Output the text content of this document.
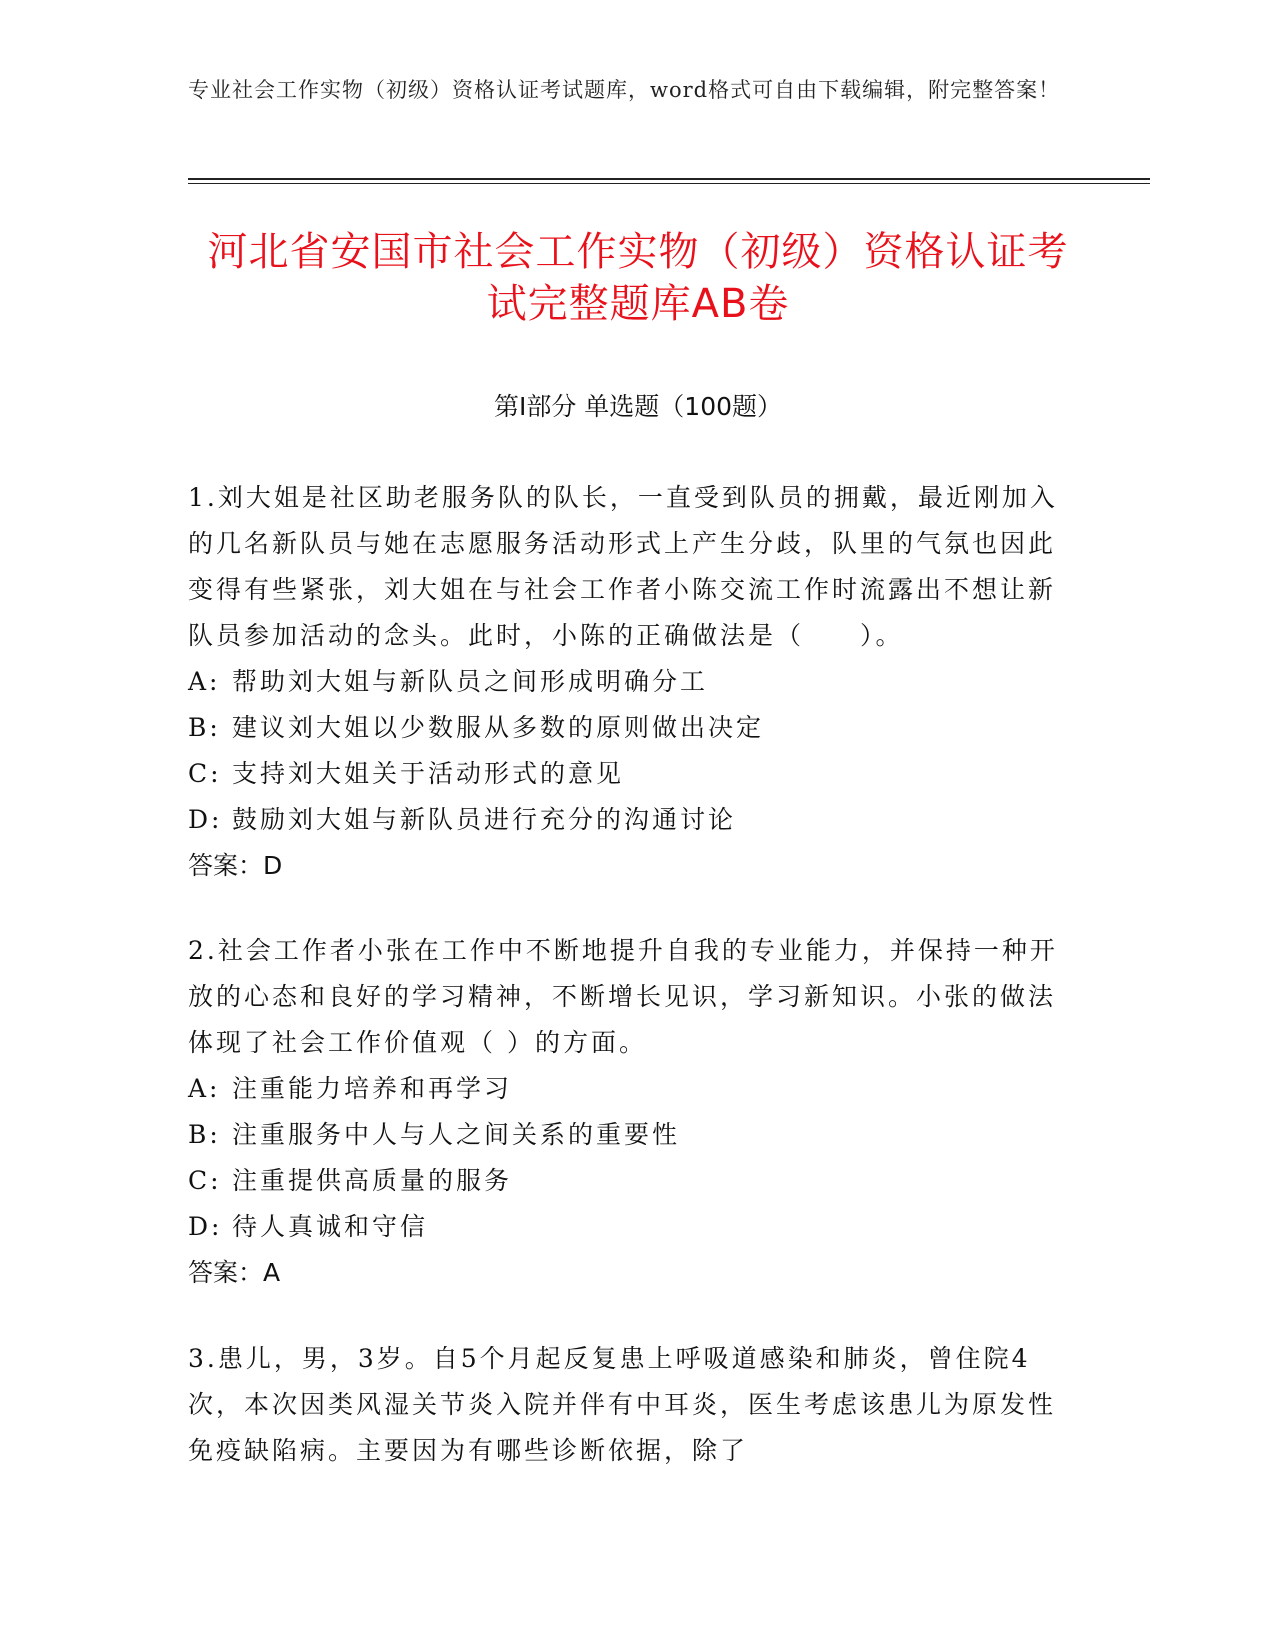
专业社会工作实物（初级）资格认证考试题库，word格式可自由下载编辑，附完整答案！
河北省安国市社会工作实物（初级）资格认证考试完整题库AB卷
第I部分 单选题（100题）

1.刘大姐是社区助老服务队的队长，一直受到队员的拥戴，最近刚加入的几名新队员与她在志愿服务活动形式上产生分歧，队里的气氛也因此变得有些紧张，刘大姐在与社会工作者小陈交流工作时流露出不想让新队员参加活动的念头。此时，小陈的正确做法是（　　）。

A: 帮助刘大姐与新队员之间形成明确分工

B: 建议刘大姐以少数服从多数的原则做出决定

C: 支持刘大姐关于活动形式的意见

D: 鼓励刘大姐与新队员进行充分的沟通讨论

答案：D

2.社会工作者小张在工作中不断地提升自我的专业能力，并保持一种开放的心态和良好的学习精神，不断增长见识，学习新知识。小张的做法体现了社会工作价值观（ ）的方面。

A: 注重能力培养和再学习

B: 注重服务中人与人之间关系的重要性

C: 注重提供高质量的服务

D: 待人真诚和守信

答案：A

3.患儿，男，3岁。自5个月起反复患上呼吸道感染和肺炎，曾住院4次，本次因类风湿关节炎入院并伴有中耳炎，医生考虑该患儿为原发性免疫缺陷病。主要因为有哪些诊断依据，除了
